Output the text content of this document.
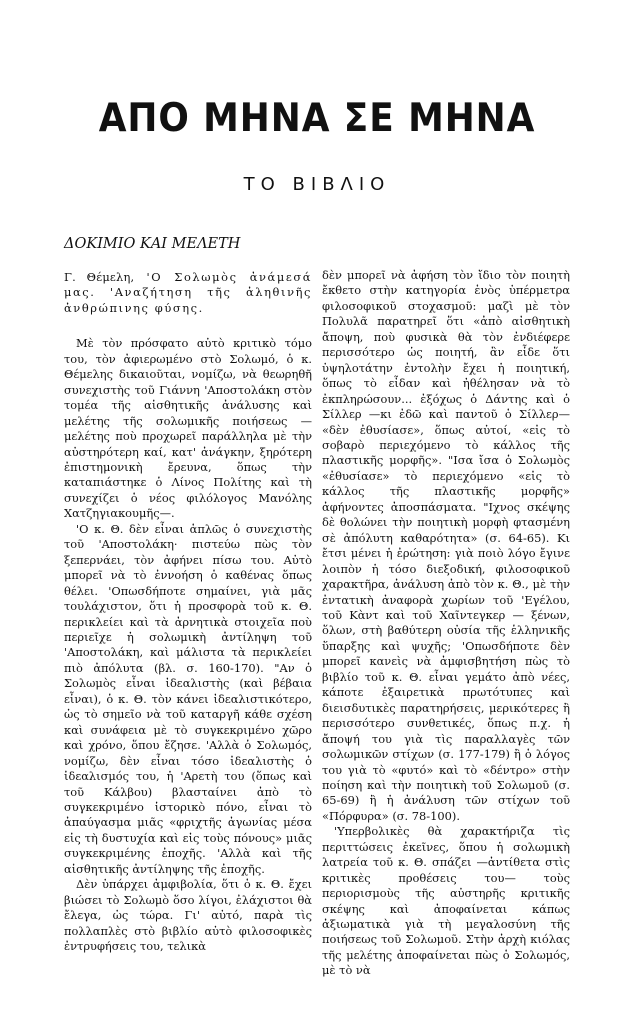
ΑΠΟ ΜΗΝΑ ΣΕ ΜΗΝΑ
ΤΟ ΒΙΒΛΙΟ
ΔΟΚΙΜΙΟ ΚΑΙ ΜΕΛΕΤΗ

Γ. Θέμελη, 'Ο Σολωμὸς ἀνάμεσά μας. 'Αναζήτηση τῆς ἀληθινῆς ἀνθρώπινης φύσης.

Μὲ τὸν πρόσφατο αὐτὸ κριτικὸ τόμο του, τὸν ἀφιερωμένο στὸ Σολωμό, ὁ κ. Θέμελης δικαιοῦται, νομίζω, νὰ θεωρηθῆ συνεχιστὴς τοῦ Γιάννη 'Αποστολάκη στὸν τομέα τῆς αἰσθητικῆς ἀνάλυσης καὶ μελέτης τῆς σολωμικῆς ποιήσεως —μελέτης ποὺ προχωρεῖ παράλληλα μὲ τὴν αὐστηρότερη καί, κατ' ἀνάγκην, ξηρότερη ἐπιστημονικὴ ἔρευνα, ὅπως τὴν καταπιάστηκε ὁ Λίνος Πολίτης καὶ τὴ συνεχίζει ὁ νέος φιλόλογος Μανόλης Χατζηγιακουμῆς—.

'Ο κ. Θ. δὲν εἶναι ἁπλῶς ὁ συνεχιστὴς τοῦ 'Αποστολάκη· πιστεύω πὼς τὸν ξεπερνάει, τὸν ἀφήνει πίσω του. Αὐτὸ μπορεῖ νὰ τὸ ἐννοήση ὁ καθένας ὅπως θέλει. 'Οπωσδήποτε σημαίνει, γιὰ μᾶς τουλάχιστον, ὅτι ἡ προσφορὰ τοῦ κ. Θ. περικλείει καὶ τὰ ἀρνητικὰ στοιχεῖα ποὺ περιεῖχε ἡ σολωμικὴ ἀντίληψη τοῦ 'Αποστολάκη, καὶ μάλιστα τὰ περικλείει πιὸ ἀπόλυτα (βλ. σ. 160-170). "Αν ὁ Σολωμὸς εἶναι ἰδεαλιστὴς (καὶ βέβαια εἶναι), ὁ κ. Θ. τὸν κάνει ἰδεαλιστικότερο, ὡς τὸ σημεῖο νὰ τοῦ καταργῆ κάθε σχέση καὶ συνάφεια μὲ τὸ συγκεκριμένο χῶρο καὶ χρόνο, ὅπου ἔζησε. 'Αλλὰ ὁ Σολωμός, νομίζω, δὲν εἶναι τόσο ἰδεαλιστὴς ὁ ἰδεαλισμός του, ἡ 'Αρετὴ του (ὅπως καὶ τοῦ Κάλβου) βλασταίνει ἀπὸ τὸ συγκεκριμένο ἱστορικὸ πόνο, εἶναι τὸ ἀπαύγασμα μιᾶς «φριχτῆς ἀγωνίας μέσα εἰς τὴ δυστυχία καὶ εἰς τοὺς πόνους» μιᾶς συγκεκριμένης ἐποχῆς. 'Αλλὰ καὶ τῆς αἰσθητικῆς ἀντίληψης τῆς ἐποχῆς.

Δὲν ὑπάρχει ἀμφιβολία, ὅτι ὁ κ. Θ. ἔχει βιώσει τὸ Σολωμὸ ὅσο λίγοι, ἐλάχιστοι θὰ ἔλεγα, ὡς τώρα. Γι' αὐτό, παρὰ τὶς πολλαπλὲς στὸ βιβλίο αὐτὸ φιλοσοφικὲς ἐντρυφήσεις του, τελικὰ

δὲν μπορεῖ νὰ ἀφήση τὸν ἴδιο τὸν ποιητὴ ἔκθετο στὴν κατηγορία ἑνὸς ὑπέρμετρα φιλοσοφικοῦ στοχασμοῦ: μαζὶ μὲ τὸν Πολυλᾶ παρατηρεῖ ὅτι «ἀπὸ αἰσθητικὴ ἄποψη, ποὺ φυσικὰ θὰ τὸν ἐνδιέφερε περισσότερο ὡς ποιητή, ἂν εἶδε ὅτι ὑψηλοτάτην ἐντολὴν ἔχει ἡ ποιητική, ὅπως τὸ εἶδαν καὶ ἠθέλησαν νὰ τὸ ἐκπληρώσουν... ἐξόχως ὁ Δάντης καὶ ὁ Σίλλερ —κι ἐδῶ καὶ παντοῦ ὁ Σίλλερ— «δὲν ἐθυσίασε», ὅπως αὐτοί, «εἰς τὸ σοβαρὸ περιεχόμενο τὸ κάλλος τῆς πλαστικῆς μορφῆς». "Ισα ἴσα ὁ Σολωμὸς «ἐθυσίασε» τὸ περιεχόμενο «εἰς τὸ κάλλος τῆς πλαστικῆς μορφῆς» ἀφήνοντες ἀποσπάσματα. "Ιχνος σκέψης δὲ θολώνει τὴν ποιητικὴ μορφὴ φτασμένη σὲ ἀπόλυτη καθαρότητα» (σ. 64-65). Κι ἔτσι μένει ἡ ἐρώτηση: γιὰ ποιὸ λόγο ἔγινε λοιπὸν ἡ τόσο διεξοδική, φιλοσοφικοῦ χαρακτῆρα, ἀνάλυση ἀπὸ τὸν κ. Θ., μὲ τὴν ἐντατικὴ ἀναφορὰ χωρίων τοῦ 'Εγέλου, τοῦ Κὰντ καὶ τοῦ Χαῖντεγκερ — ξένων, ὅλων, στὴ βαθύτερη οὐσία τῆς ἑλληνικῆς ὕπαρξης καὶ ψυχῆς; 'Οπωσδήποτε δὲν μπορεῖ κανεὶς νὰ ἀμφισβητήση πὼς τὸ βιβλίο τοῦ κ. Θ. εἶναι γεμάτο ἀπὸ νέες, κάποτε ἐξαιρετικὰ πρωτότυπες καὶ διεισδυτικὲς παρατηρήσεις, μερικότερες ἢ περισσότερο συνθετικές, ὅπως π.χ. ἡ ἄποψή του γιὰ τὶς παραλλαγὲς τῶν σολωμικῶν στίχων (σ. 177-179) ἢ ὁ λόγος του γιὰ τὸ «φυτό» καὶ τὸ «δέντρο» στὴν ποίηση καὶ τὴν ποιητικὴ τοῦ Σολωμοῦ (σ. 65-69) ἢ ἡ ἀνάλυση τῶν στίχων τοῦ «Πόρφυρα» (σ. 78-100).

'Υπερβολικὲς θὰ χαρακτήριζα τὶς περιττώσεις ἐκεῖνες, ὅπου ἡ σολωμικὴ λατρεία τοῦ κ. Θ. σπάζει —ἀντίθετα στὶς κριτικὲς προθέσεις του— τοὺς περιορισμοὺς τῆς αὐστηρῆς κριτικῆς σκέψης καὶ ἀποφαίνεται κάπως ἀξιωματικὰ γιὰ τὴ μεγαλοσύνη τῆς ποιήσεως τοῦ Σολωμοῦ. Στὴν ἀρχὴ κιόλας τῆς μελέτης ἀποφαίνεται πὼς ὁ Σολωμός, μὲ τὸ νὰ
